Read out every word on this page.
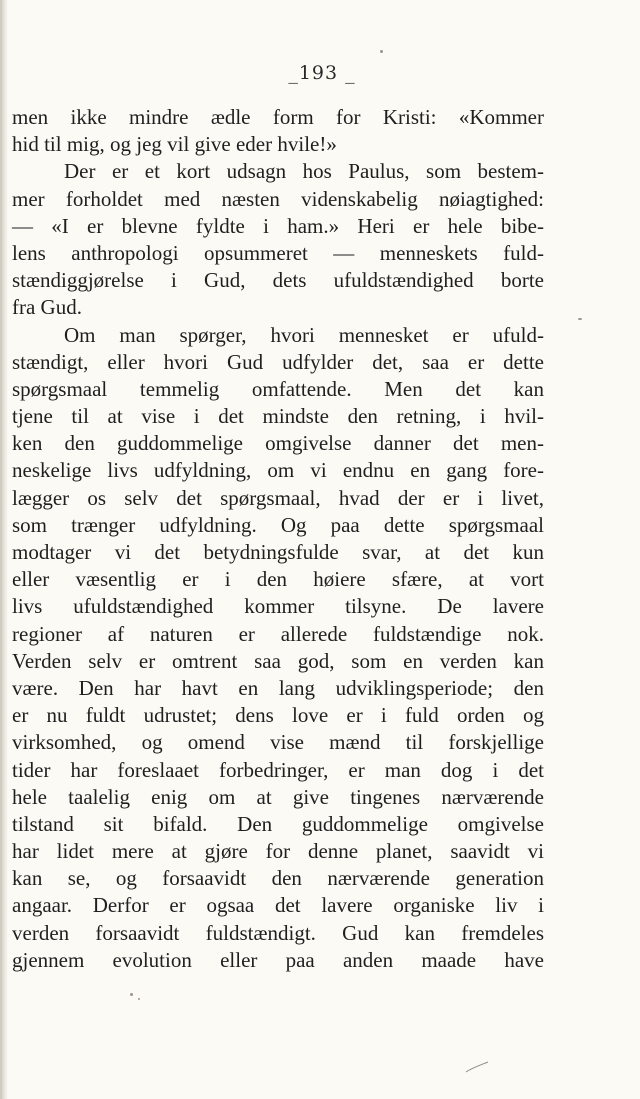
_193 _
men ikke mindre ædle form for Kristi: «Kommer
hid til mig, og jeg vil give eder hvile!»
Der er et kort udsagn hos Paulus, som bestem-
mer forholdet med næsten videnskabelig nøiagtighed:
— «I er blevne fyldte i ham.» Heri er hele bibe-
lens anthropologi opsummeret — menneskets fuld-
stændiggjørelse i Gud, dets ufuldstændighed borte
fra Gud.
Om man spørger, hvori mennesket er ufuld-
stændigt, eller hvori Gud udfylder det, saa er dette
spørgsmaal temmelig omfattende. Men det kan
tjene til at vise i det mindste den retning, i hvil-
ken den guddommelige omgivelse danner det men-
neskelige livs udfyldning, om vi endnu en gang fore-
lægger os selv det spørgsmaal, hvad der er i livet,
som trænger udfyldning. Og paa dette spørgsmaal
modtager vi det betydningsfulde svar, at det kun
eller væsentlig er i den høiere sfære, at vort
livs ufuldstændighed kommer tilsyne. De lavere
regioner af naturen er allerede fuldstændige nok.
Verden selv er omtrent saa god, som en verden kan
være. Den har havt en lang udviklingsperiode; den
er nu fuldt udrustet; dens love er i fuld orden og
virksomhed, og omend vise mænd til forskjellige
tider har foreslaaet forbedringer, er man dog i det
hele taalelig enig om at give tingenes nærværende
tilstand sit bifald. Den guddommelige omgivelse
har lidet mere at gjøre for denne planet, saavidt vi
kan se, og forsaavidt den nærværende generation
angaar. Derfor er ogsaa det lavere organiske liv i
verden forsaavidt fuldstændigt. Gud kan fremdeles
gjennem evolution eller paa anden maade have
